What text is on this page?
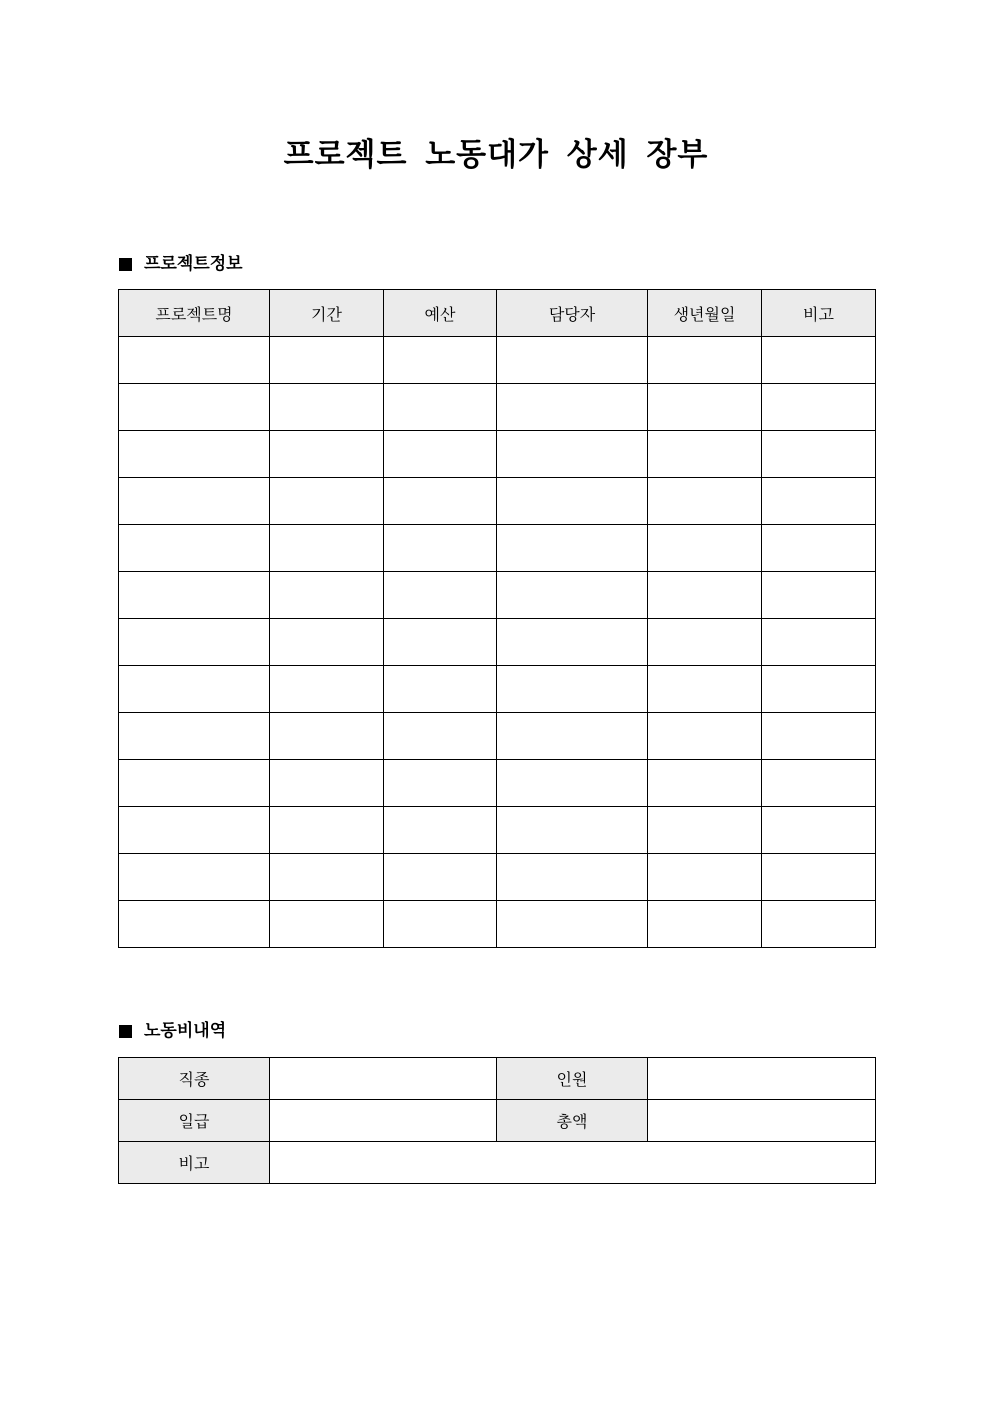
프로젝트 노동대가 상세 장부
프로젝트정보
프로젝트명	기간	예산	담당자	생년월일	비고

노동비내역
직종		인원	
일급		총액	
비고			
